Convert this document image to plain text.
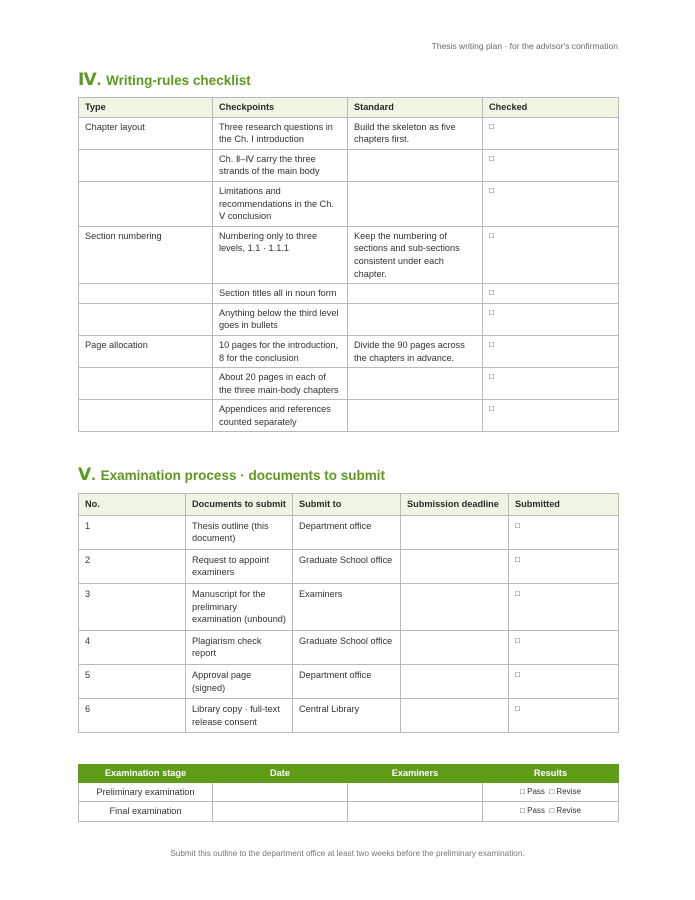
Thesis writing plan · for the advisor's confirmation
Ⅳ. Writing-rules checklist
Type	Checkpoints	Standard	Checked
Chapter layout	Three research questions in the Ch. Ⅰ introduction	Build the skeleton as five chapters first.	□
	Ch. Ⅱ–Ⅳ carry the three strands of the main body		□
	Limitations and recommendations in the Ch. Ⅴ conclusion		□
Section numbering	Numbering only to three levels, 1.1 · 1.1.1	Keep the numbering of sections and sub-sections consistent under each chapter.	□
	Section titles all in noun form		□
	Anything below the third level goes in bullets		□
Page allocation	10 pages for the introduction, 8 for the conclusion	Divide the 90 pages across the chapters in advance.	□
	About 20 pages in each of the three main-body chapters		□
	Appendices and references counted separately		□
Ⅴ. Examination process · documents to submit
No.	Documents to submit	Submit to	Submission deadline	Submitted
1	Thesis outline (this document)	Department office		□
2	Request to appoint examiners	Graduate School office		□
3	Manuscript for the preliminary examination (unbound)	Examiners		□
4	Plagiarism check report	Graduate School office		□
5	Approval page (signed)	Department office		□
6	Library copy · full-text release consent	Central Library		□
Examination stage	Date	Examiners	Results
Preliminary examination			□ Pass  □ Revise
Final examination			□ Pass  □ Revise
Submit this outline to the department office at least two weeks before the preliminary examination.
